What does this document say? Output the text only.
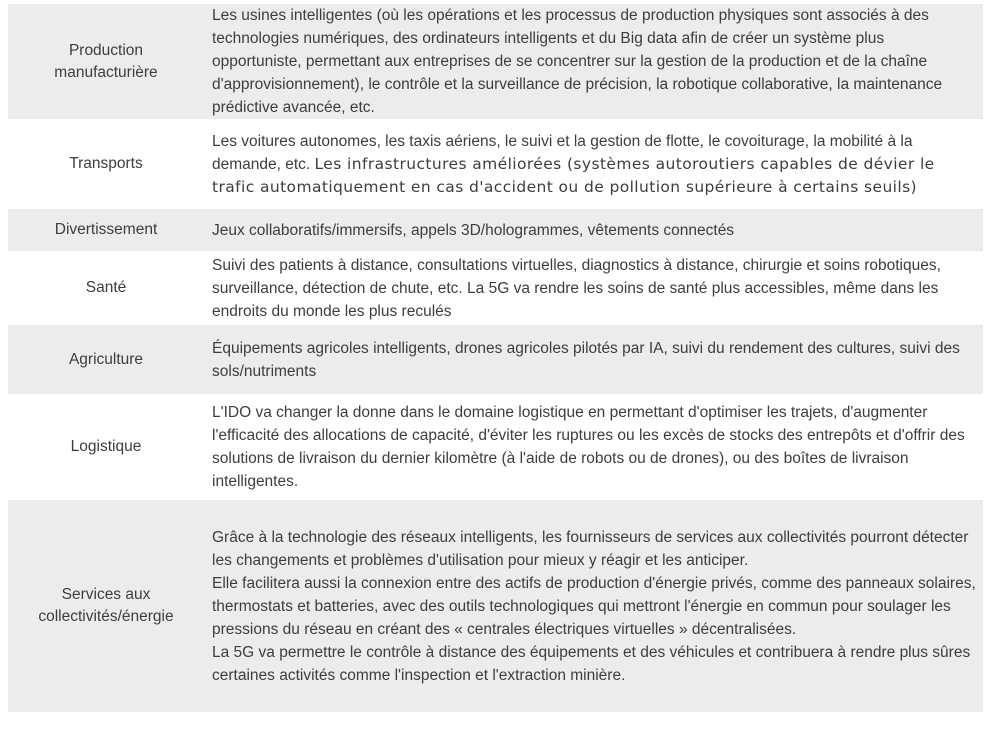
Production
manufacturière

Les usines intelligentes (où les opérations et les processus de production physiques sont associés à des technologies numériques, des ordinateurs intelligents et du Big data afin de créer un système plus opportuniste, permettant aux entreprises de se concentrer sur la gestion de la production et de la chaîne d'approvisionnement), le contrôle et la surveillance de précision, la robotique collaborative, la maintenance prédictive avancée, etc.

Transports

Les voitures autonomes, les taxis aériens, le suivi et la gestion de flotte, le covoiturage, la mobilité à la demande, etc. Les infrastructures améliorées (systèmes autoroutiers capables de dévier le trafic automatiquement en cas d'accident ou de pollution supérieure à certains seuils)

Divertissement	Jeux collaboratifs/immersifs, appels 3D/hologrammes, vêtements connectés

Santé

Suivi des patients à distance, consultations virtuelles, diagnostics à distance, chirurgie et soins robotiques, surveillance, détection de chute, etc. La 5G va rendre les soins de santé plus accessibles, même dans les endroits du monde les plus reculés

Agriculture

Équipements agricoles intelligents, drones agricoles pilotés par IA, suivi du rendement des cultures, suivi des sols/nutriments

Logistique

L'IDO va changer la donne dans le domaine logistique en permettant d'optimiser les trajets, d'augmenter l'efficacité des allocations de capacité, d'éviter les ruptures ou les excès de stocks des entrepôts et d'offrir des solutions de livraison du dernier kilomètre (à l'aide de robots ou de drones), ou des boîtes de livraison intelligentes.

Services aux
collectivités/énergie

Grâce à la technologie des réseaux intelligents, les fournisseurs de services aux collectivités pourront détecter les changements et problèmes d'utilisation pour mieux y réagir et les anticiper.

Elle facilitera aussi la connexion entre des actifs de production d'énergie privés, comme des panneaux solaires, thermostats et batteries, avec des outils technologiques qui mettront l'énergie en commun pour soulager les pressions du réseau en créant des « centrales électriques virtuelles » décentralisées.

La 5G va permettre le contrôle à distance des équipements et des véhicules et contribuera à rendre plus sûres certaines activités comme l'inspection et l'extraction minière.
